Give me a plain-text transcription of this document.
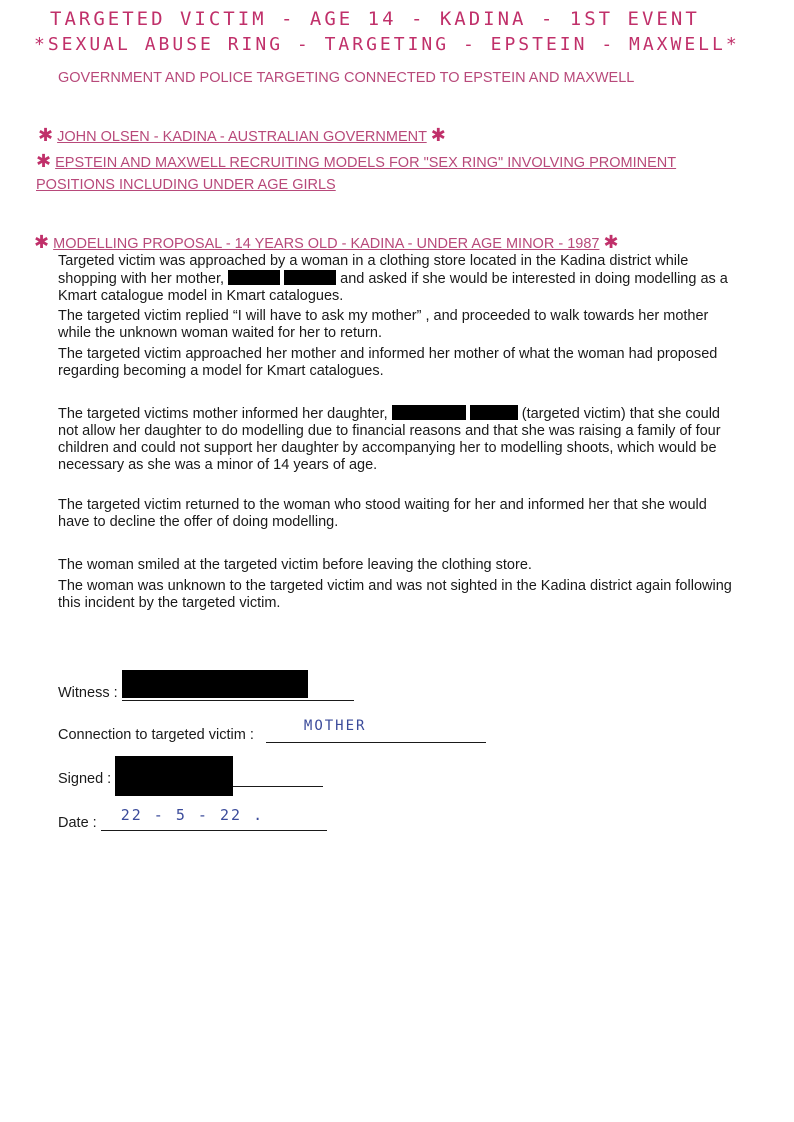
TARGETED VICTIM - AGE 14 - KADINA - 1ST EVENT
*SEXUAL ABUSE RING - TARGETING - EPSTEIN - MAXWELL*
GOVERNMENT AND POLICE TARGETING CONNECTED TO EPSTEIN AND MAXWELL
✱ JOHN OLSEN - KADINA - AUSTRALIAN GOVERNMENT ✱
✱ EPSTEIN AND MAXWELL RECRUITING MODELS FOR "SEX RING" INVOLVING PROMINENT POSITIONS INCLUDING UNDER AGE GIRLS
✱ MODELLING PROPOSAL - 14 YEARS OLD - KADINA - UNDER AGE MINOR - 1987 ✱
Targeted victim was approached by a woman in a clothing store located in the Kadina district while shopping with her mother,	and asked if she would be interested in doing modelling as a Kmart catalogue model in Kmart catalogues.
The targeted victim replied “I will have to ask my mother” , and proceeded to walk towards her mother while the unknown woman waited for her to return.
The targeted victim approached her mother and informed her mother of what the woman had proposed regarding becoming a model for Kmart catalogues.
The targeted victims mother informed her daughter,	(targeted victim) that she could not allow her daughter to do modelling due to financial reasons and that she was raising a family of four children and could not support her daughter by accompanying her to modelling shoots, which would be necessary as she was a minor of 14 years of age.
The targeted victim returned to the woman who stood waiting for her and informed her that she would have to decline the offer of doing modelling.
The woman smiled at the targeted victim before leaving the clothing store.
The woman was unknown to the targeted victim and was not sighted in the Kadina district again following this incident by the targeted victim.
Witness :
Connection to targeted victim :
MOTHER
Signed :
Date : 22 - 5 - 22 .
